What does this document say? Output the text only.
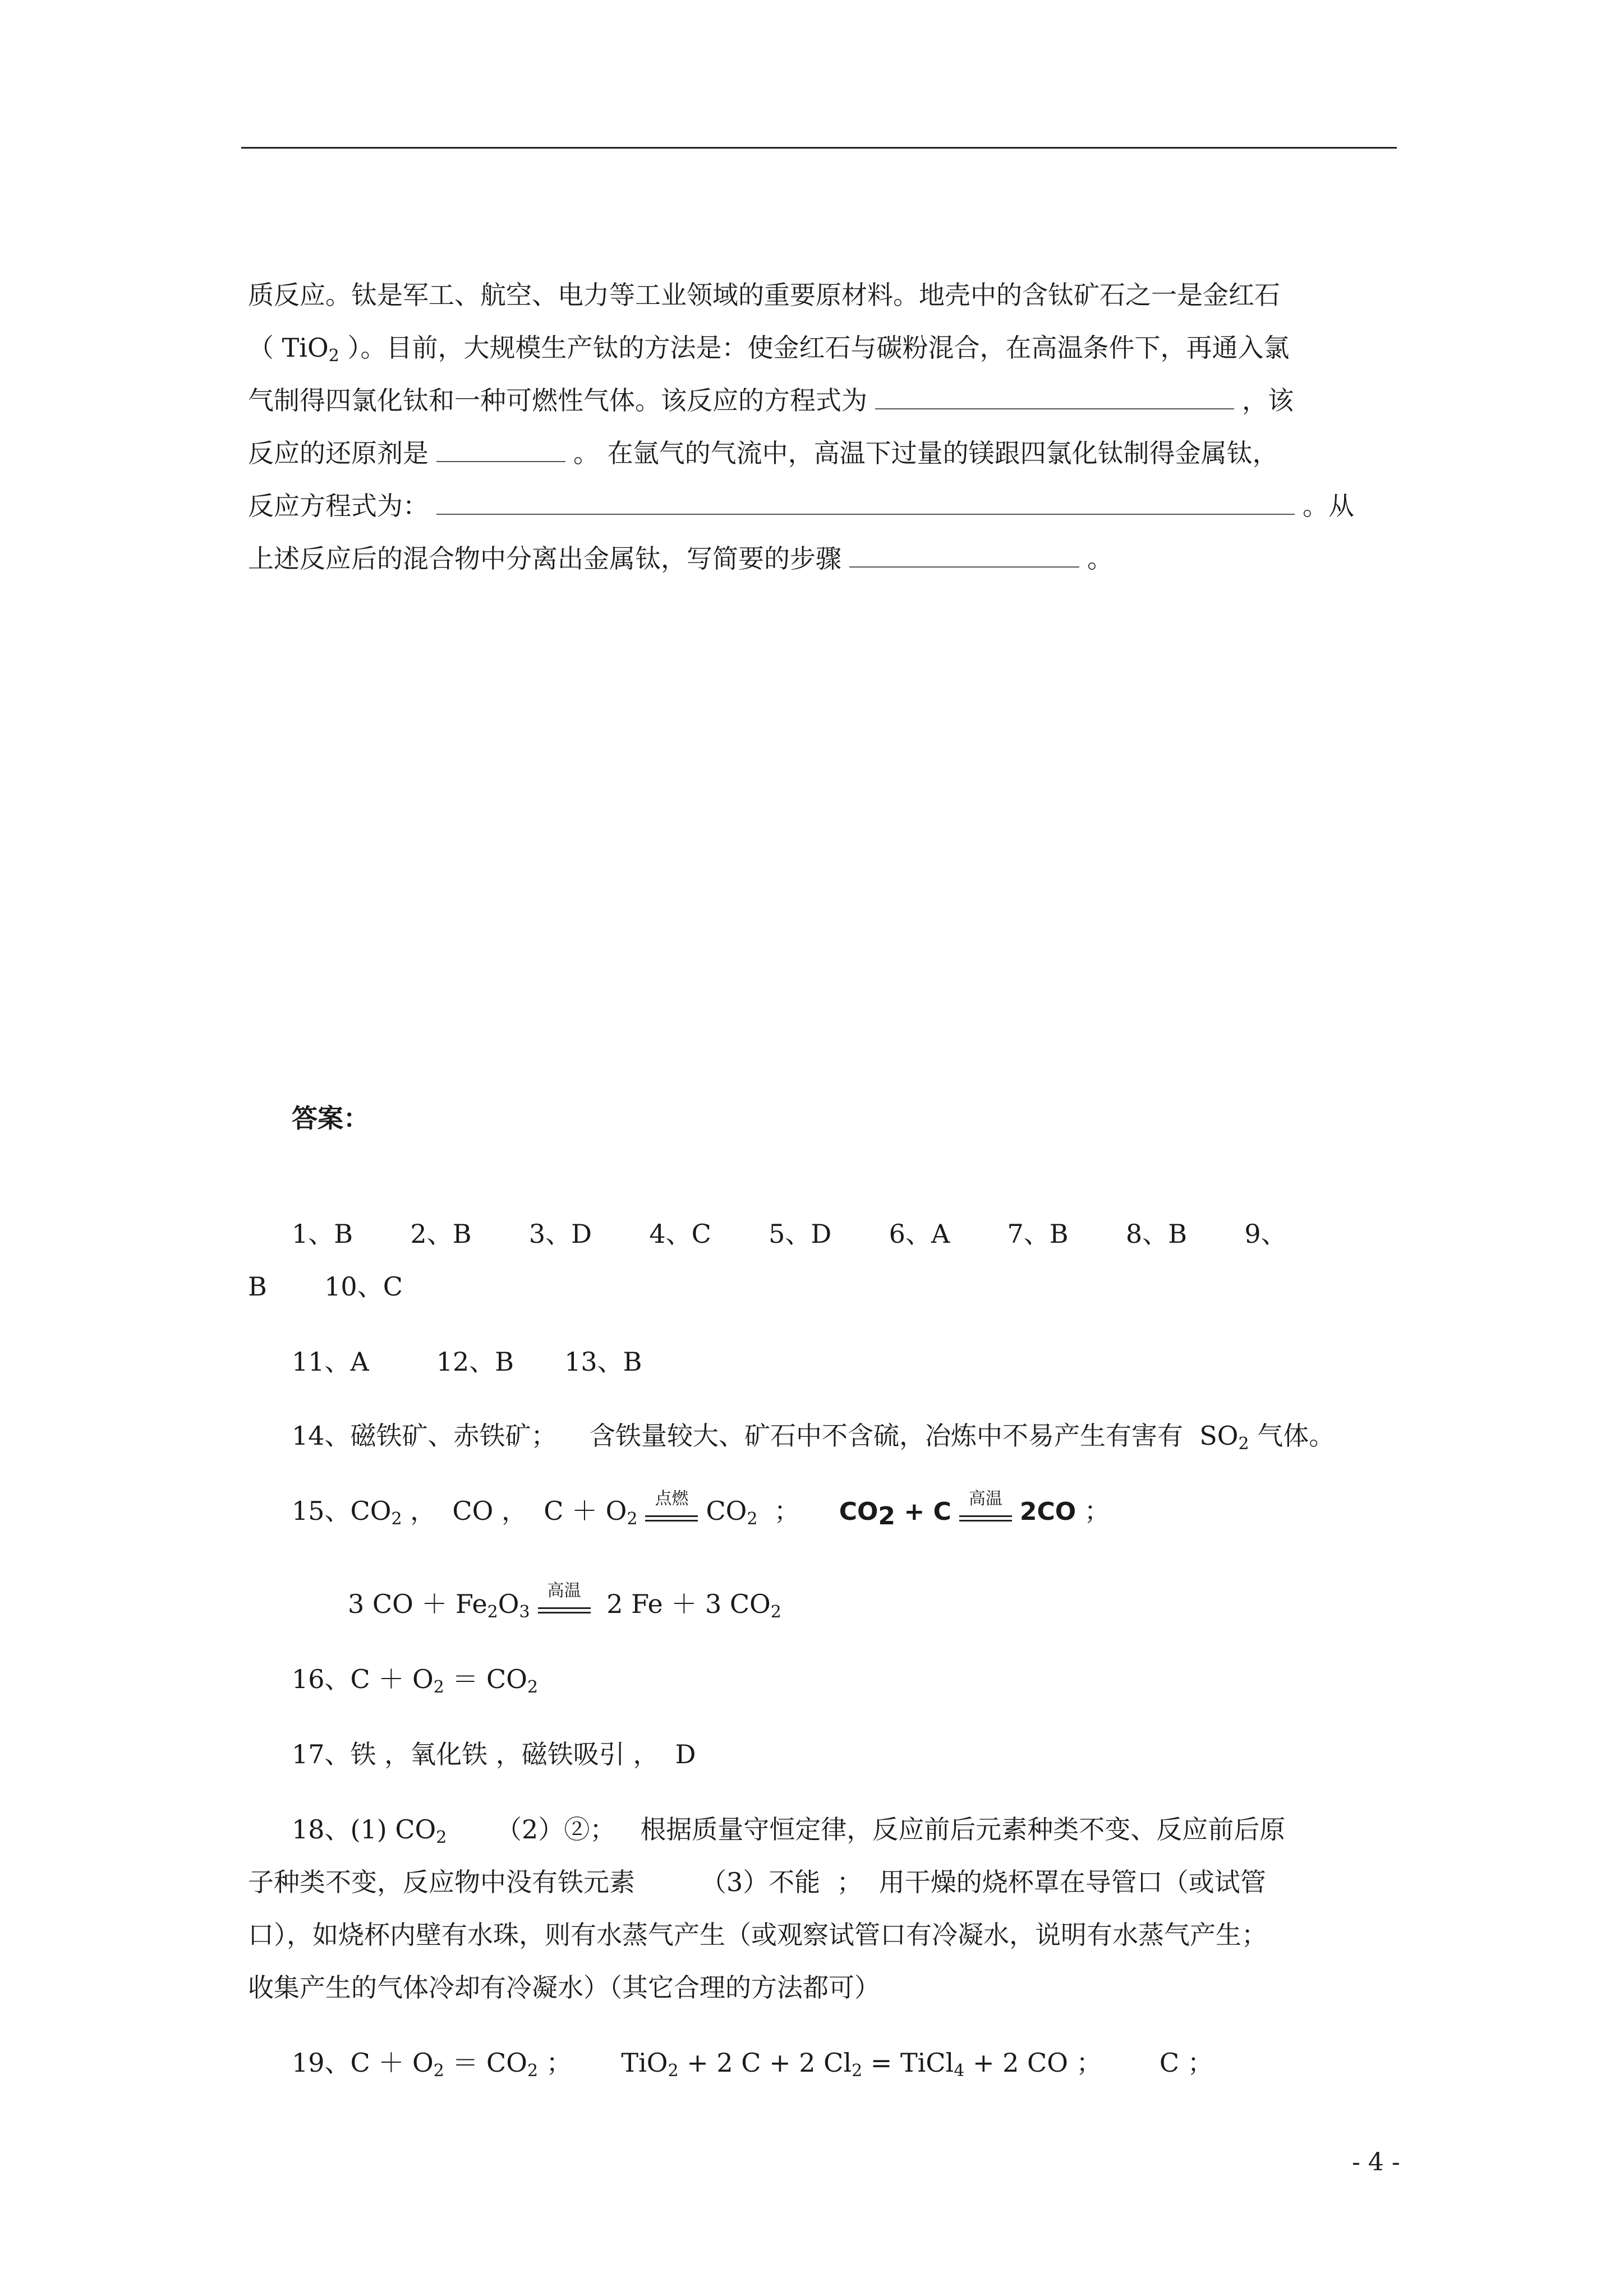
质反应。钛是军工、航空、电力等工业领域的重要原材料。地壳中的含钛矿石之一是金红石
（ TiO$_2$ ）。目前，大规模生产钛的方法是：使金红石与碳粉混合，在高温条件下，再通入氯
气制得四氯化钛和一种可燃性气体。该反应的方程式为	，该
反应的还原剂是	。 在氩气的气流中，高温下过量的镁跟四氯化钛制得金属钛，
反应方程式为：	。从
上述反应后的混合物中分离出金属钛，写简要的步骤	。
答案：
1、B       2、B       3、D       4、C       5、D       6、A       7、B       8、B       9、
B       10、C
11、A	12、B 13、B
14、磁铁矿、赤铁矿；    含铁量较大、矿石中不含硫，冶炼中不易产生有害有  $SO_2$ 气体。
15、$CO_2$ ，  CO ，  $C + O_2$
点燃 $CO_2$  ； $CO_2 + C$	高温 2CO ；
3 CO ＋ $Fe_2O_3$
高温 2 Fe ＋ 3 $CO_2$
16、$C + O_2 = CO_2$
17、铁 ，氧化铁 ，磁铁吸引 ，  D
18、(1) $CO_2$      （2）②；   根据质量守恒定律，反应前后元素种类不变、反应前后原
子种类不变，反应物中没有铁元素        （3）不能  ；  用干燥的烧杯罩在导管口（或试管
口），如烧杯内壁有水珠，则有水蒸气产生（或观察试管口有冷凝水，说明有水蒸气产生；
收集产生的气体冷却有冷凝水）（其它合理的方法都可）
19、$C + O_2 = CO_2$ ；      TiO$_2$ + 2 C + 2 $Cl_2$ = TiCl$_4$ + 2 CO ；       C ；
- 4 -
